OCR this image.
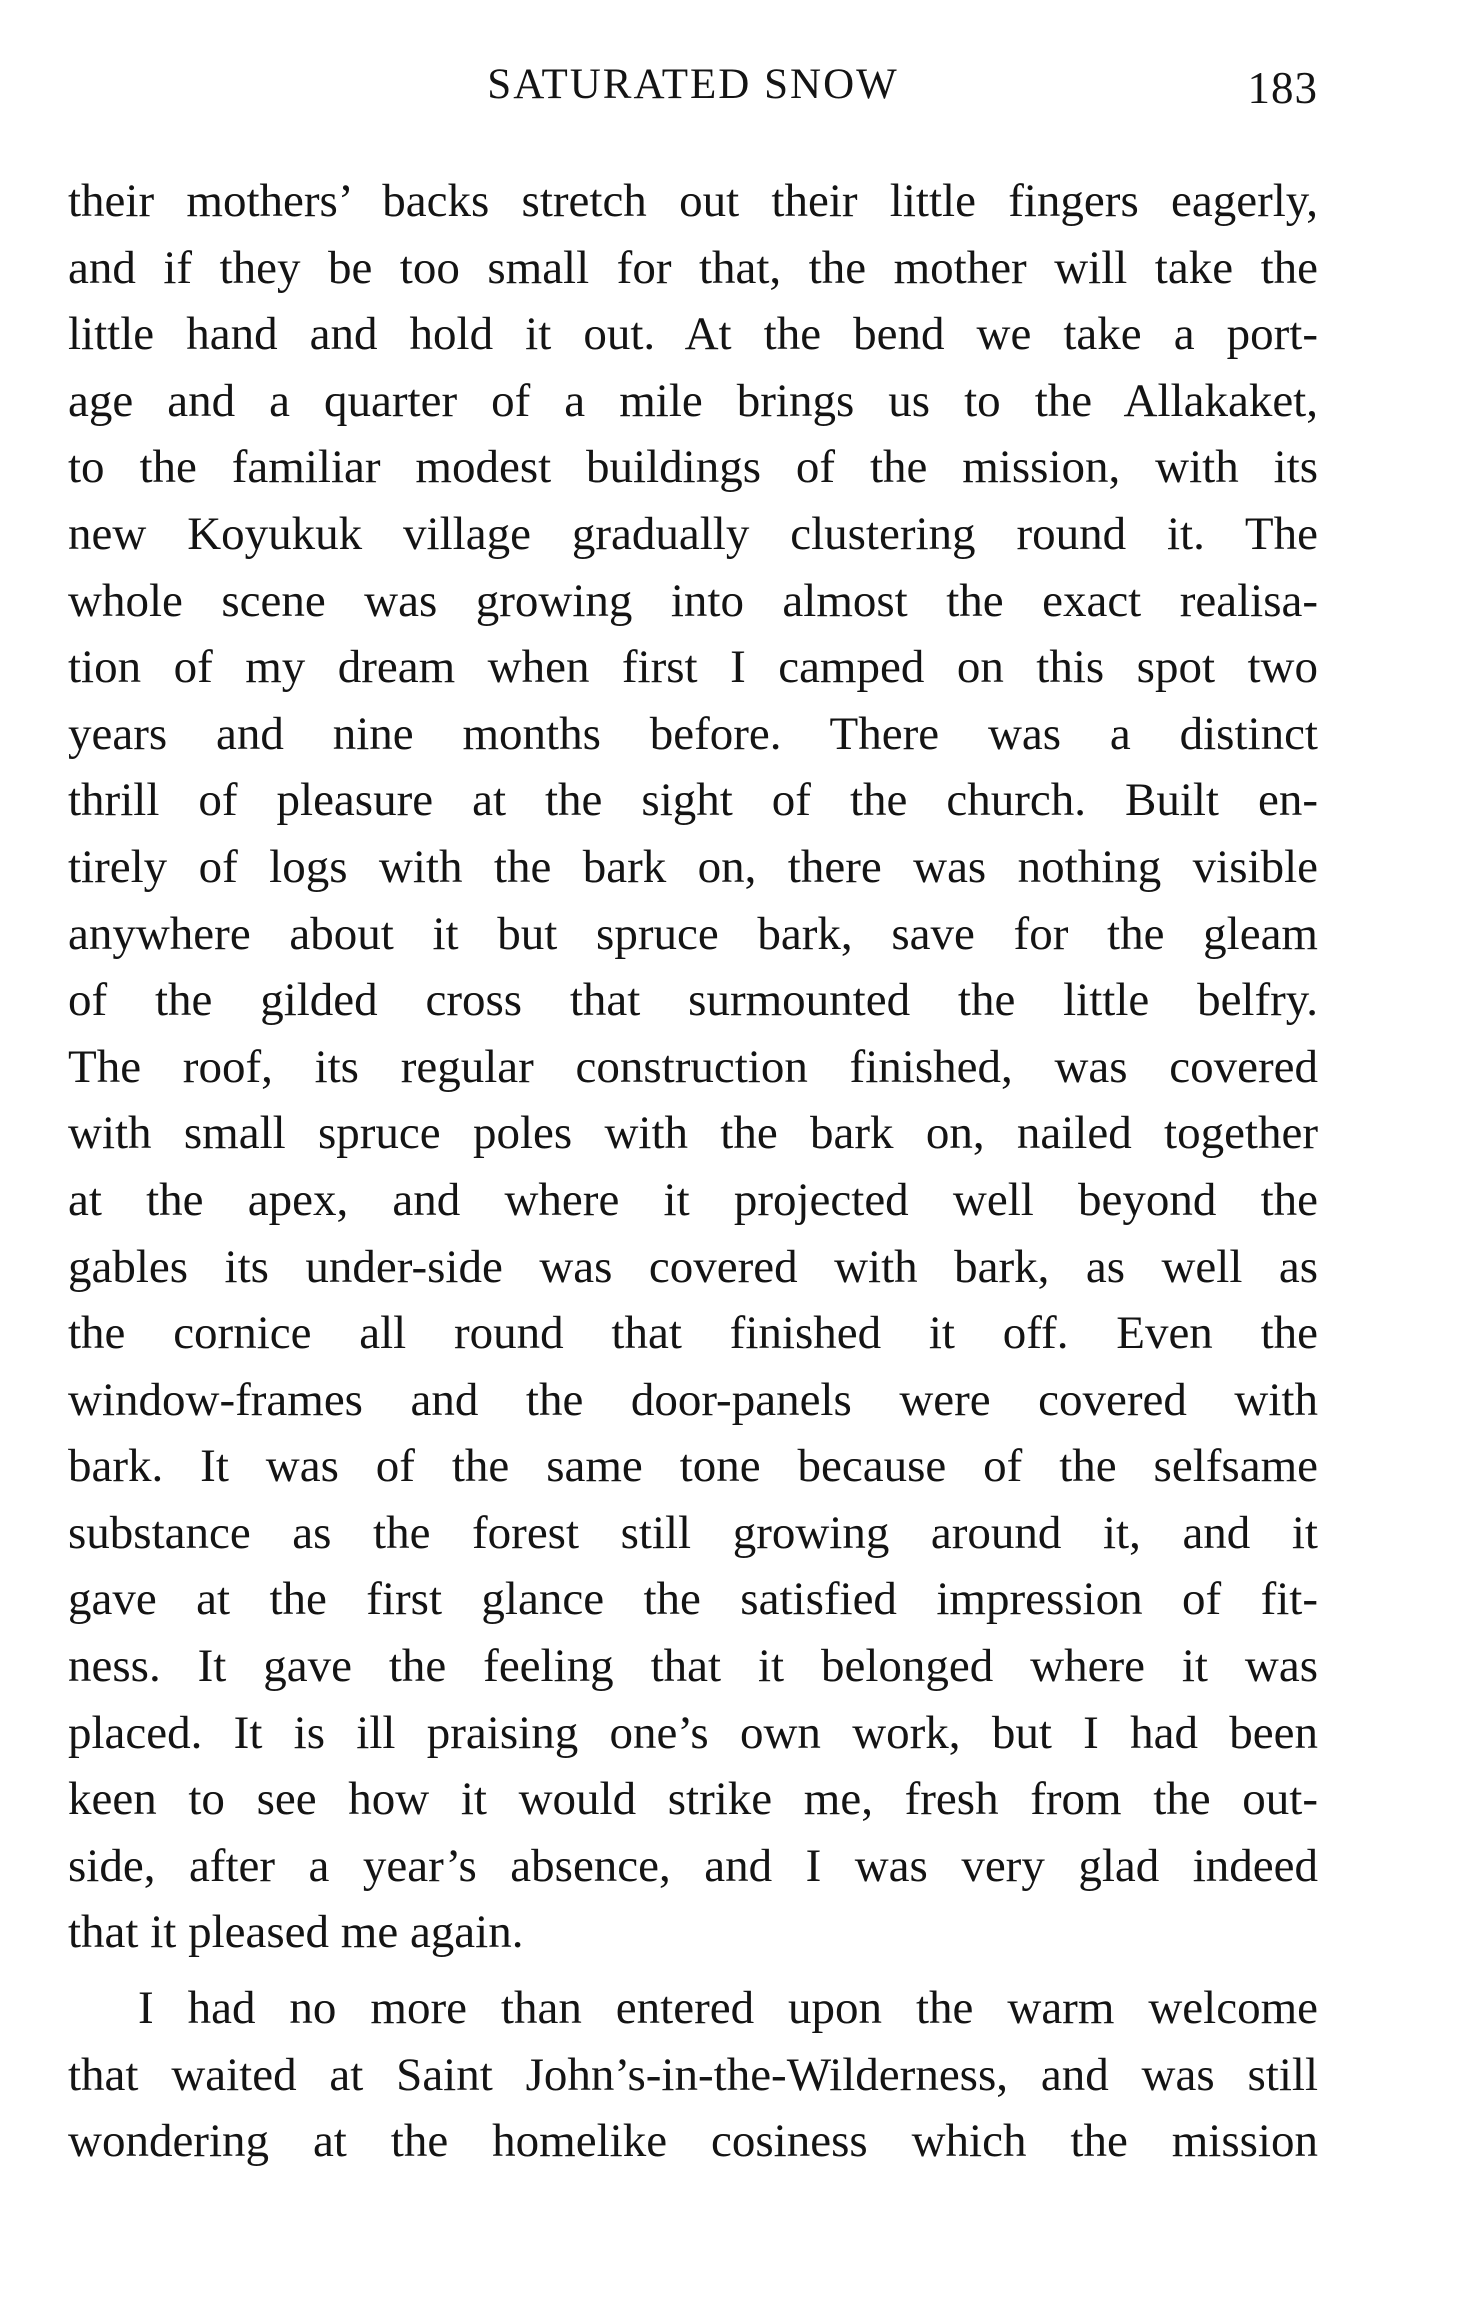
SATURATED SNOW	183
their mothers’ backs stretch out their little fingers eagerly,
and if they be too small for that, the mother will take the
little hand and hold it out. At the bend we take a port-
age and a quarter of a mile brings us to the Allakaket,
to the familiar modest buildings of the mission, with its
new Koyukuk village gradually clustering round it. The
whole scene was growing into almost the exact realisa-
tion of my dream when first I camped on this spot two
years and nine months before. There was a distinct
thrill of pleasure at the sight of the church. Built en-
tirely of logs with the bark on, there was nothing visible
anywhere about it but spruce bark, save for the gleam
of the gilded cross that surmounted the little belfry.
The roof, its regular construction finished, was covered
with small spruce poles with the bark on, nailed together
at the apex, and where it projected well beyond the
gables its under-side was covered with bark, as well as
the cornice all round that finished it off. Even the
window-frames and the door-panels were covered with
bark. It was of the same tone because of the selfsame
substance as the forest still growing around it, and it
gave at the first glance the satisfied impression of fit-
ness. It gave the feeling that it belonged where it was
placed. It is ill praising one’s own work, but I had been
keen to see how it would strike me, fresh from the out-
side, after a year’s absence, and I was very glad indeed
that it pleased me again.
I had no more than entered upon the warm welcome
that waited at Saint John’s-in-the-Wilderness, and was still
wondering at the homelike cosiness which the mission
